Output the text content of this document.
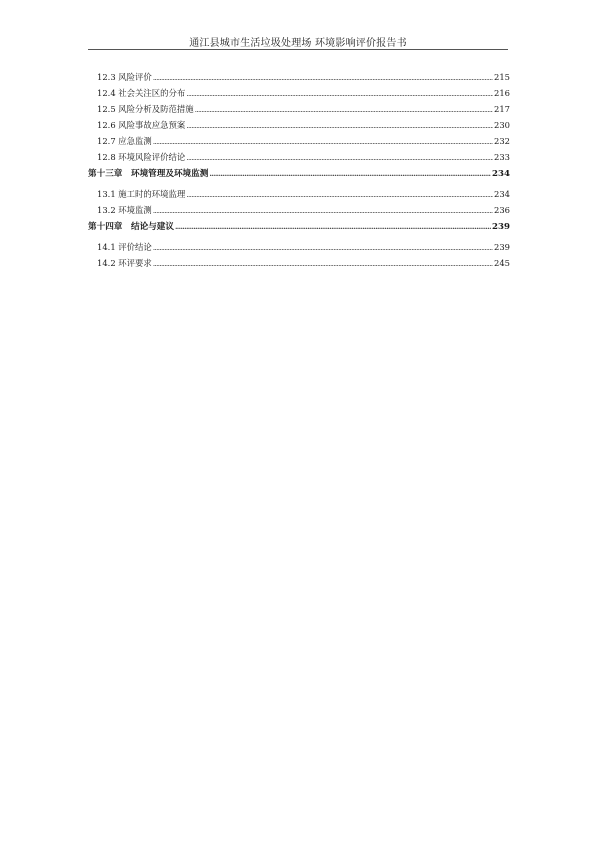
通江县城市生活垃圾处理场 环境影响评价报告书
12.3 风险评价 .....	215
12.4 社会关注区的分布 .....	216
12.5 风险分析及防范措施 .....	217
12.6 风险事故应急预案 .....	230
12.7 应急监测 .....	232
12.8 环境风险评价结论 .....	233
第十三章　环境管理及环境监测 .....	234
13.1 施工时的环境监理 .....	234
13.2 环境监测 .....	236
第十四章　结论与建议 .....	239
14.1 评价结论 .....	239
14.2 环评要求 .....	245
